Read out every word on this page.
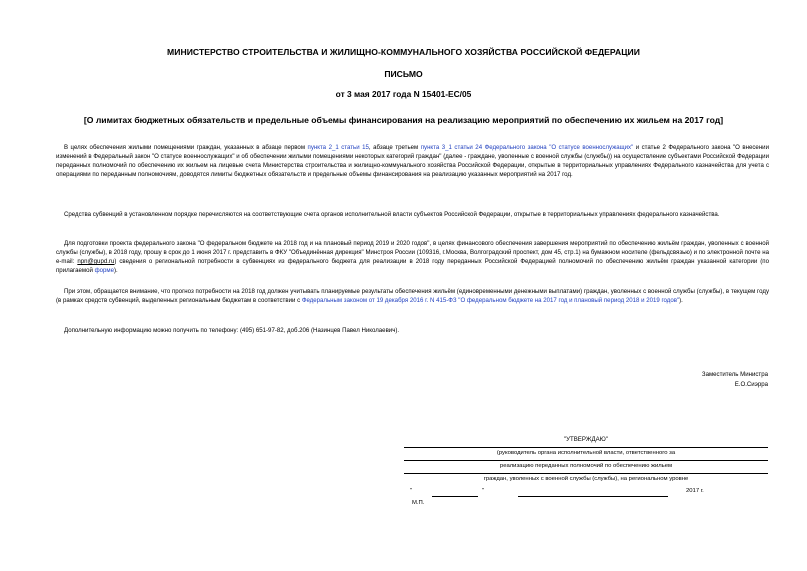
МИНИСТЕРСТВО СТРОИТЕЛЬСТВА И ЖИЛИЩНО-КОММУНАЛЬНОГО ХОЗЯЙСТВА РОССИЙСКОЙ ФЕДЕРАЦИИ
ПИСЬМО
от 3 мая 2017 года N 15401-ЕС/05
[О лимитах бюджетных обязательств и предельные объемы финансирования на реализацию мероприятий по обеспечению их жильем на 2017 год]
В целях обеспечения жилыми помещениями граждан, указанных в абзаце первом пункта 2_1 статьи 15, абзаце третьем пункта 3_1 статьи 24 Федерального закона "О статусе военнослужащих" и статье 2 Федерального закона "О внесении изменений в Федеральный закон "О статусе военнослужащих" и об обеспечении жилыми помещениями некоторых категорий граждан" (далее - граждане, уволенные с военной службы (службы)) на осуществление субъектами Российской Федерации переданных полномочий по обеспечению их жильем на лицевые счета Министерства строительства и жилищно-коммунального хозяйства Российской Федерации, открытые в территориальных управлениях Федерального казначейства для учета с операциями по переданным полномочиям, доводятся лимиты бюджетных обязательств и предельные объемы финансирования на реализацию указанных мероприятий на 2017 год.
Средства субвенций в установленном порядке перечисляются на соответствующие счета органов исполнительной власти субъектов Российской Федерации, открытые в территориальных управлениях федерального казначейства.
Для подготовки проекта федерального закона "О федеральном бюджете на 2018 год и на плановый период 2019 и 2020 годов", в целях финансового обеспечения завершения мероприятий по обеспечению жильём граждан, уволенных с военной службы (службы), в 2018 году, прошу в срок до 1 июня 2017 г. представить в ФКУ "Объединённая дирекция" Минстроя России (109316, г.Москва, Волгоградский проспект, дом 45, стр.1) на бумажном носителе (фельдсвязью) и по электронной почте на e-mail: npn@gupd.ru) сведения о региональной потребности в субвенциях из федерального бюджета для реализации в 2018 году переданных Российской Федерацией полномочий по обеспечению жильём граждан указанной категории (по прилагаемой форме).
При этом, обращается внимание, что прогноз потребности на 2018 год должен учитывать планируемые результаты обеспечения жильём (единовременными денежными выплатами) граждан, уволенных с военной службы (службы), в текущем году (в рамках средств субвенций, выделенных региональным бюджетам в соответствии с Федеральным законом от 19 декабря 2016 г. N 415-ФЗ "О федеральном бюджете на 2017 год и плановый период 2018 и 2019 годов").
Дополнительную информацию можно получить по телефону: (495) 651-97-82, доб.206 (Назинцев Павел Николаевич).
Заместитель Министра
Е.О.Сиэрра
"УТВЕРЖДАЮ"
(руководитель органа исполнительной власти, ответственного за
реализацию переданных полномочий по обеспечению жильем
граждан, уволенных с военной службы (службы), на региональном уровне
"	"	2017 г.
М.П.
